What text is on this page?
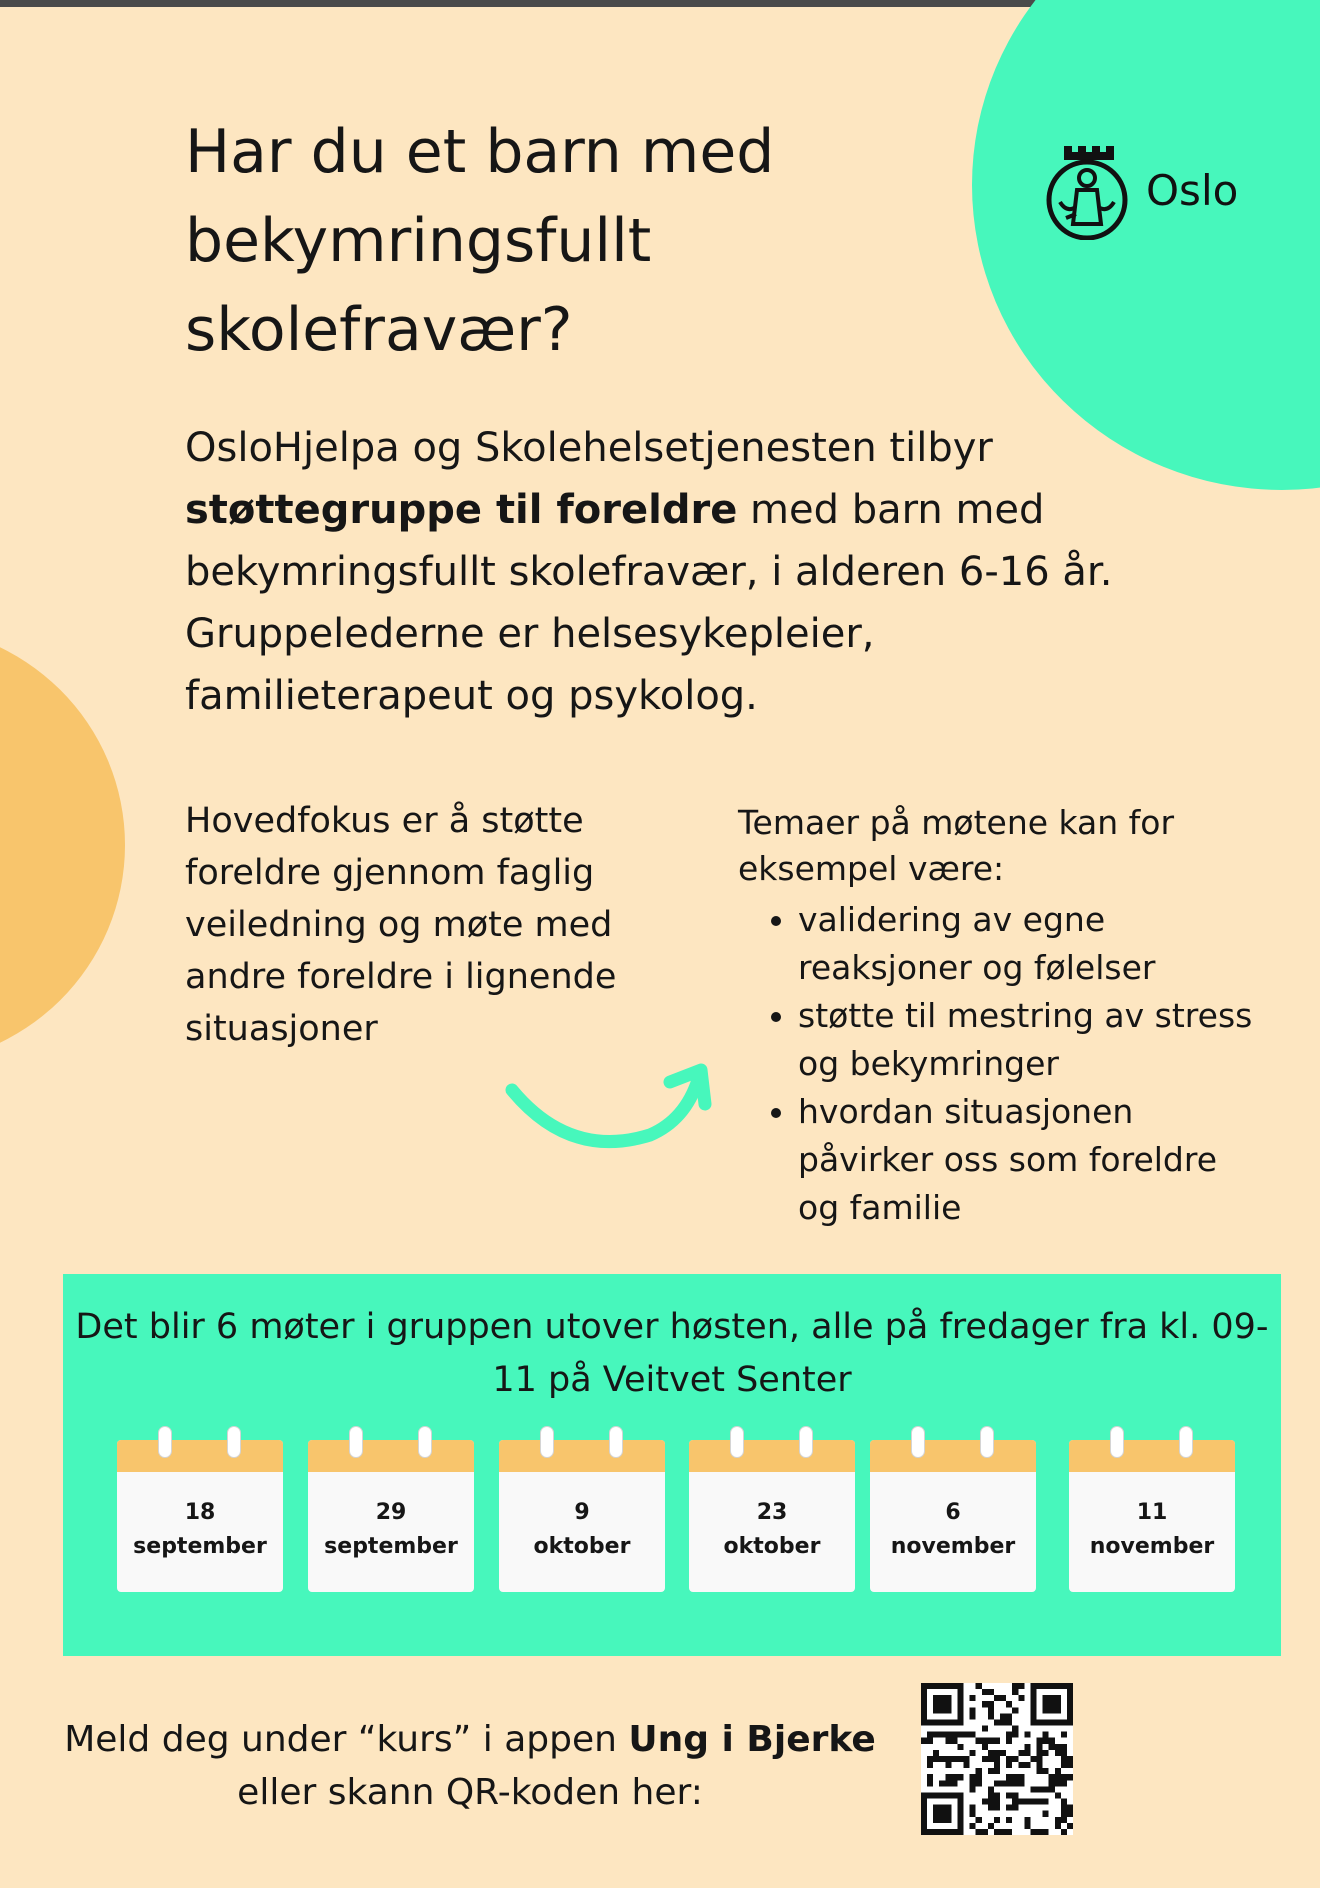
Oslo
Har du et barn med bekymringsfullt skolefravær?

OsloHjelpa og Skolehelsetjenesten tilbyr støttegruppe til foreldre med barn med bekymringsfullt skolefravær, i alderen 6-16 år. Gruppelederne er helsesykepleier, familieterapeut og psykolog.

Hovedfokus er å støtte foreldre gjennom faglig veiledning og møte med andre foreldre i lignende situasjoner

Temaer på møtene kan for eksempel være:

• validering av egne reaksjoner og følelser
• støtte til mestring av stress og bekymringer
• hvordan situasjonen påvirker oss som foreldre og familie

Det blir 6 møter i gruppen utover høsten, alle på fredager fra kl. 09-11 på Veitvet Senter

18
september
29
september
9
oktober
23
oktober
6
november
11
november

Meld deg under “kurs” i appen Ung i Bjerke
eller skann QR-koden her:
